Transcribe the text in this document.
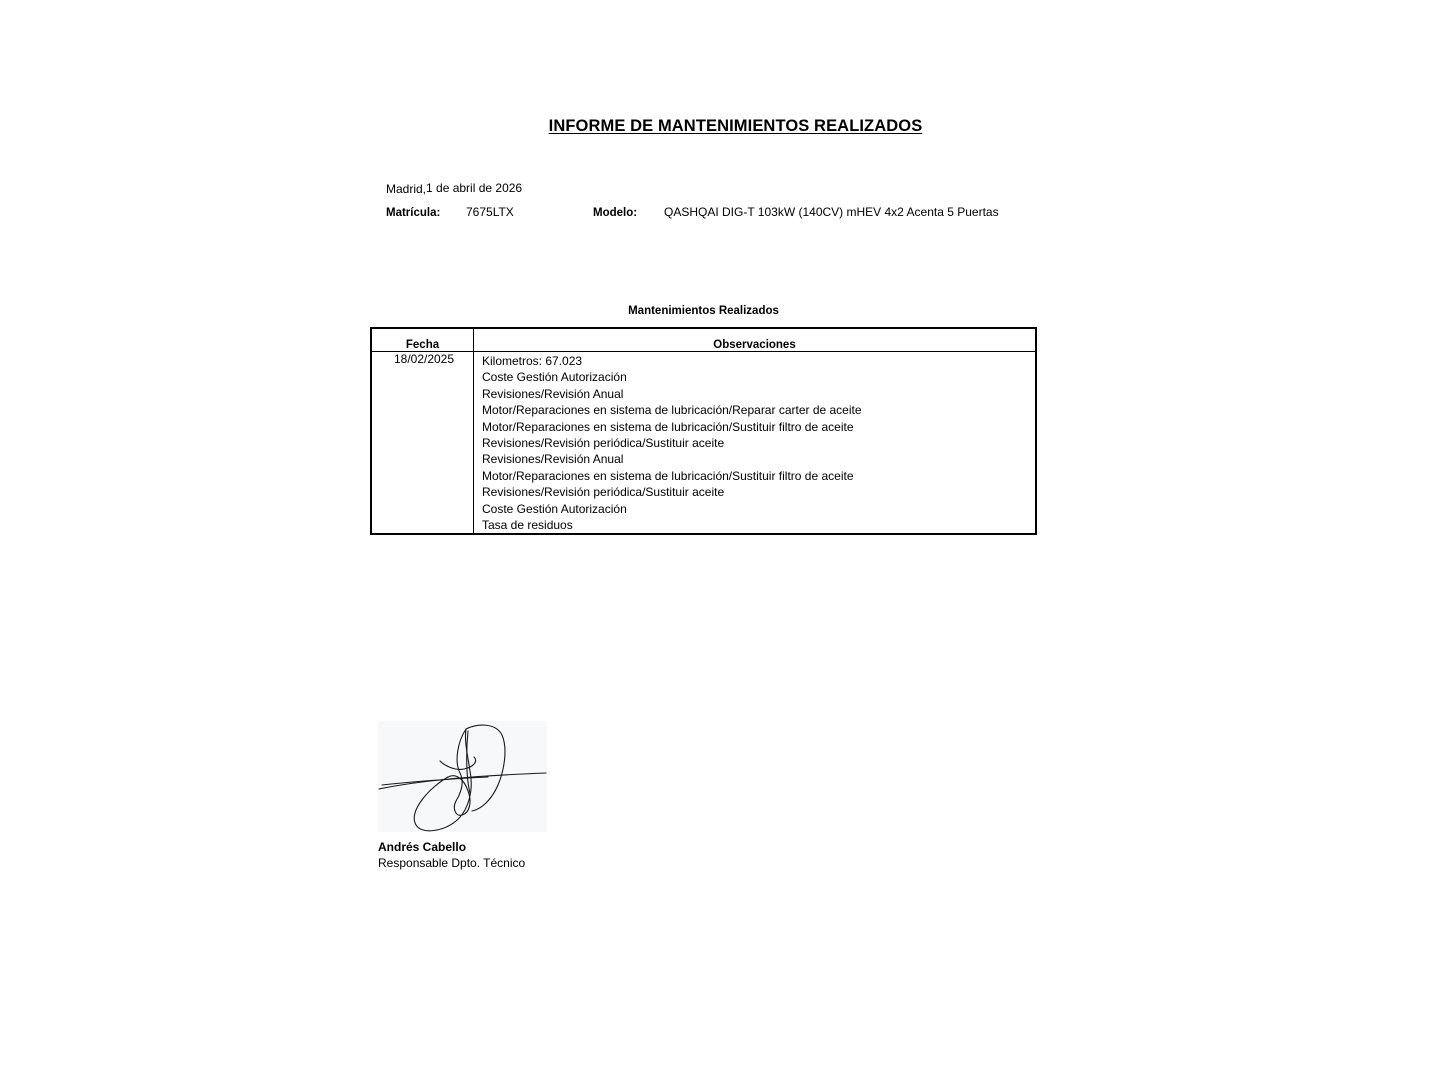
INFORME DE MANTENIMIENTOS REALIZADOS
Madrid,1 de abril de 2026
Matrícula: 7675LTX	Modelo: QASHQAI DIG-T 103kW (140CV) mHEV 4x2 Acenta 5 Puertas
Mantenimientos Realizados
Fecha	Observaciones
18/02/2025	Kilometros: 67.023
Coste Gestión Autorización
Revisiones/Revisión Anual
Motor/Reparaciones en sistema de lubricación/Reparar carter de aceite
Motor/Reparaciones en sistema de lubricación/Sustituir filtro de aceite
Revisiones/Revisión periódica/Sustituir aceite
Revisiones/Revisión Anual
Motor/Reparaciones en sistema de lubricación/Sustituir filtro de aceite
Revisiones/Revisión periódica/Sustituir aceite
Coste Gestión Autorización
Tasa de residuos
Andrés Cabello
Responsable Dpto. Técnico
